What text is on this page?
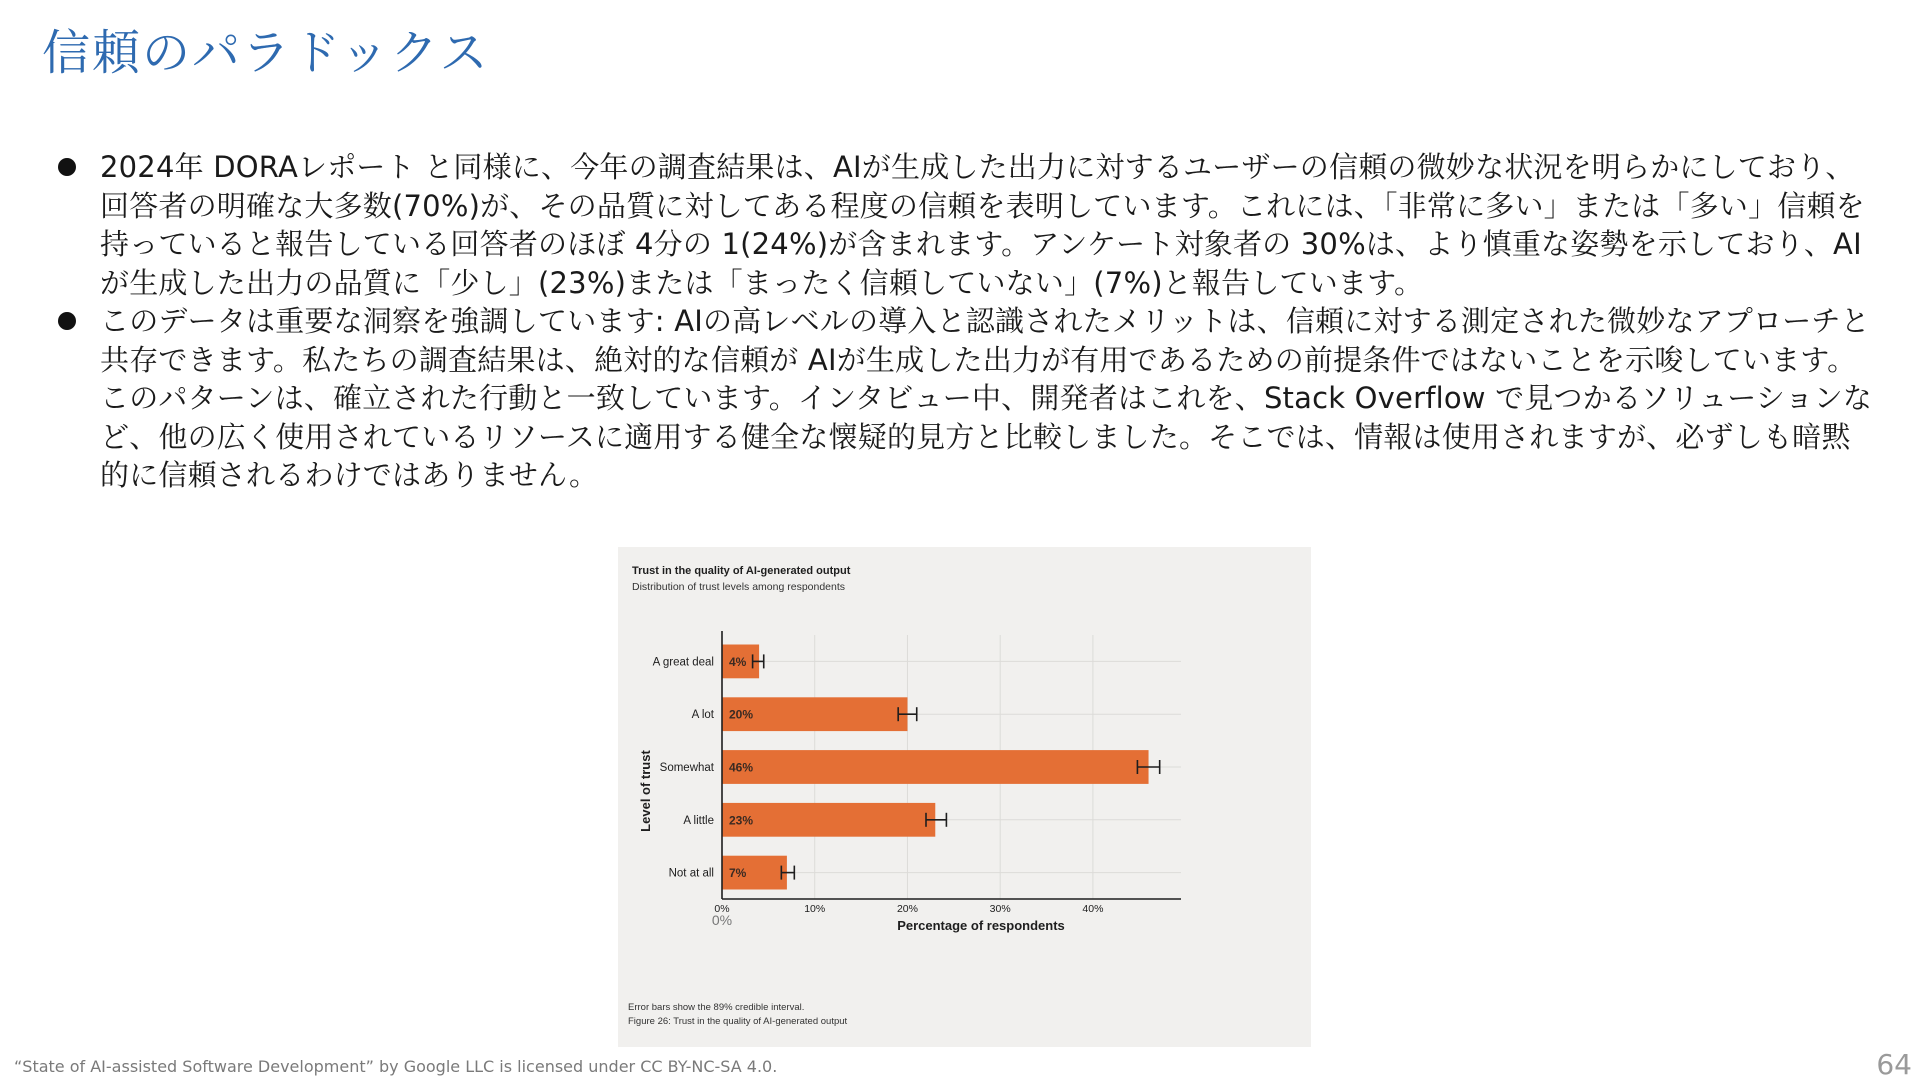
信頼のパラドックス
2024年 DORAレポート と同様に、今年の調査結果は、AIが生成した出力に対するユーザーの信頼の微妙な状況を明らかにしており、回答者の明確な大多数(70%)が、その品質に対してある程度の信頼を表明しています。これには、「非常に多い」または「多い」信頼を持っていると報告している回答者のほぼ 4分の 1(24%)が含まれます。アンケート対象者の 30%は、より慎重な姿勢を示しており、AIが生成した出力の品質に「少し」(23%)または「まったく信頼していない」(7%)と報告しています。
このデータは重要な洞察を強調しています: AIの高レベルの導入と認識されたメリットは、信頼に対する測定された微妙なアプローチと共存できます。私たちの調査結果は、絶対的な信頼が AIが生成した出力が有用であるための前提条件ではないことを示唆しています。このパターンは、確立された行動と一致しています。インタビュー中、開発者はこれを、Stack Overflow で見つかるソリューションなど、他の広く使用されているリソースに適用する健全な懐疑的見方と比較しました。そこでは、情報は使用されますが、必ずしも暗黙的に信頼されるわけではありません。
Trust in the quality of AI-generated output
Distribution of trust levels among respondents
4%
20%
46%
23%
7%
A great deal
A lot
Somewhat
A little
Not at all
0%	10%	20%	30%	40%
0%
Level of trust
Percentage of respondents
Error bars show the 89% credible interval.
Figure 26: Trust in the quality of AI-generated output
“State of AI-assisted Software Development” by Google LLC is licensed under CC BY-NC-SA 4.0.	64
